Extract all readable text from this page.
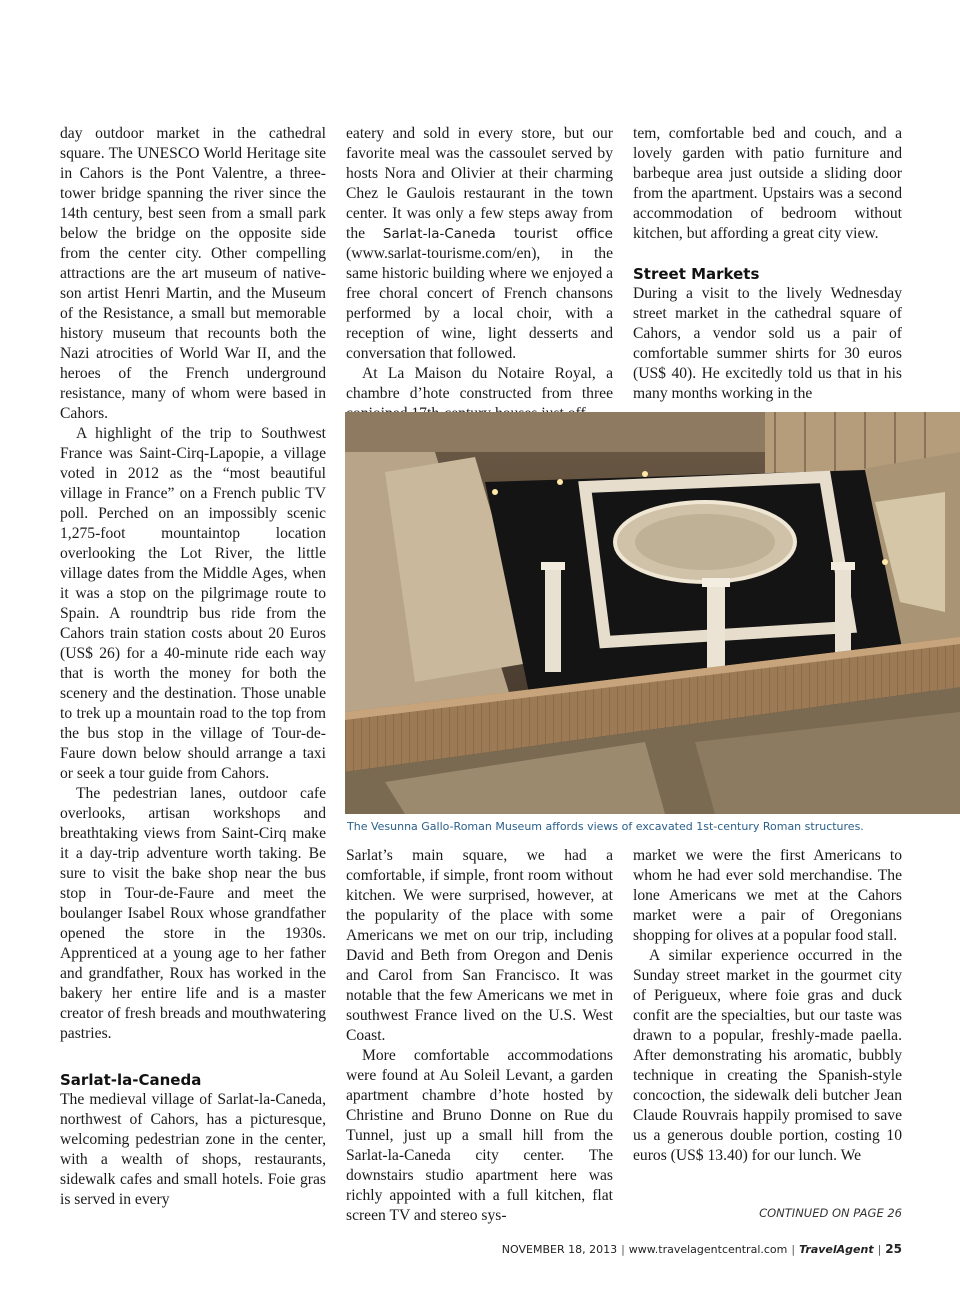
day outdoor market in the cathedral square. The UNESCO World Heritage site in Cahors is the Pont Valentre, a three-tower bridge spanning the river since the 14th century, best seen from a small park below the bridge on the opposite side from the center city. Other compelling attractions are the art museum of native-son artist Henri Martin, and the Museum of the Resistance, a small but memorable history museum that recounts both the Nazi atrocities of World War II, and the heroes of the French underground resistance, many of whom were based in Cahors.

A highlight of the trip to Southwest France was Saint-Cirq-Lapopie, a village voted in 2012 as the “most beautiful village in France” on a French public TV poll. Perched on an impossibly scenic 1,275-foot mountaintop location overlooking the Lot River, the little village dates from the Middle Ages, when it was a stop on the pilgrimage route to Spain. A roundtrip bus ride from the Cahors train station costs about 20 Euros (US$ 26) for a 40-minute ride each way that is worth the money for both the scenery and the destination. Those unable to trek up a mountain road to the top from the bus stop in the village of Tour-de-Faure down below should arrange a taxi or seek a tour guide from Cahors.

The pedestrian lanes, outdoor cafe overlooks, artisan workshops and breathtaking views from Saint-Cirq make it a day-trip adventure worth taking. Be sure to visit the bake shop near the bus stop in Tour-de-Faure and meet the boulanger Isabel Roux whose grandfather opened the store in the 1930s. Apprenticed at a young age to her father and grandfather, Roux has worked in the bakery her entire life and is a master creator of fresh breads and mouthwatering pastries.

Sarlat-la-Caneda

The medieval village of Sarlat-la-Caneda, northwest of Cahors, has a picturesque, welcoming pedestrian zone in the center, with a wealth of shops, restaurants, sidewalk cafes and small hotels. Foie gras is served in every

eatery and sold in every store, but our favorite meal was the cassoulet served by hosts Nora and Olivier at their charming Chez le Gaulois restaurant in the town center. It was only a few steps away from the Sarlat-la-Caneda tourist office (www.sarlat-tourisme.com/en), in the same historic building where we enjoyed a free choral concert of French chansons performed by a local choir, with a reception of wine, light desserts and conversation that followed.

At La Maison du Notaire Royal, a chambre d’hote constructed from three

tem, comfortable bed and couch, and a lovely garden with patio furniture and barbeque area just outside a sliding door from the apartment. Upstairs was a second accommodation of bedroom without kitchen, but affording a great city view.

Street Markets

During a visit to the lively Wednesday street market in the cathedral square of Cahors, a vendor sold us a pair of comfortable summer shirts for 30 euros (US$ 40). He excitedly told us that in his many months working in the

The Vesunna Gallo-Roman Museum affords views of excavated 1st-century Roman structures.

Sarlat’s main square, we had a comfortable, if simple, front room without kitchen. We were surprised, however, at the popularity of the place with some Americans we met on our trip, including David and Beth from Oregon and Denis and Carol from San Francisco. It was notable that the few Americans we met in southwest France lived on the U.S. West Coast.

More comfortable accommodations were found at Au Soleil Levant, a garden apartment chambre d’hote hosted by Christine and Bruno Donne on Rue du Tunnel, just up a small hill from the Sarlat-la-Caneda city center. The downstairs studio apartment here was richly appointed with a full kitchen, flat screen TV and stereo sys-

market we were the first Americans to whom he had ever sold merchandise. The lone Americans we met at the Cahors market were a pair of Oregonians shopping for olives at a popular food stall.

A similar experience occurred in the Sunday street market in the gourmet city of Perigueux, where foie gras and duck confit are the specialties, but our taste was drawn to a popular, freshly-made paella. After demonstrating his aromatic, bubbly technique in creating the Spanish-style concoction, the sidewalk deli butcher Jean Claude Rouvrais happily promised to save us a generous double portion, costing 10 euros (US$ 13.40) for our lunch. We

CONTINUED ON PAGE 26
NOVEMBER 18, 2013 | www.travelagentcentral.com | TravelAgent | 25
